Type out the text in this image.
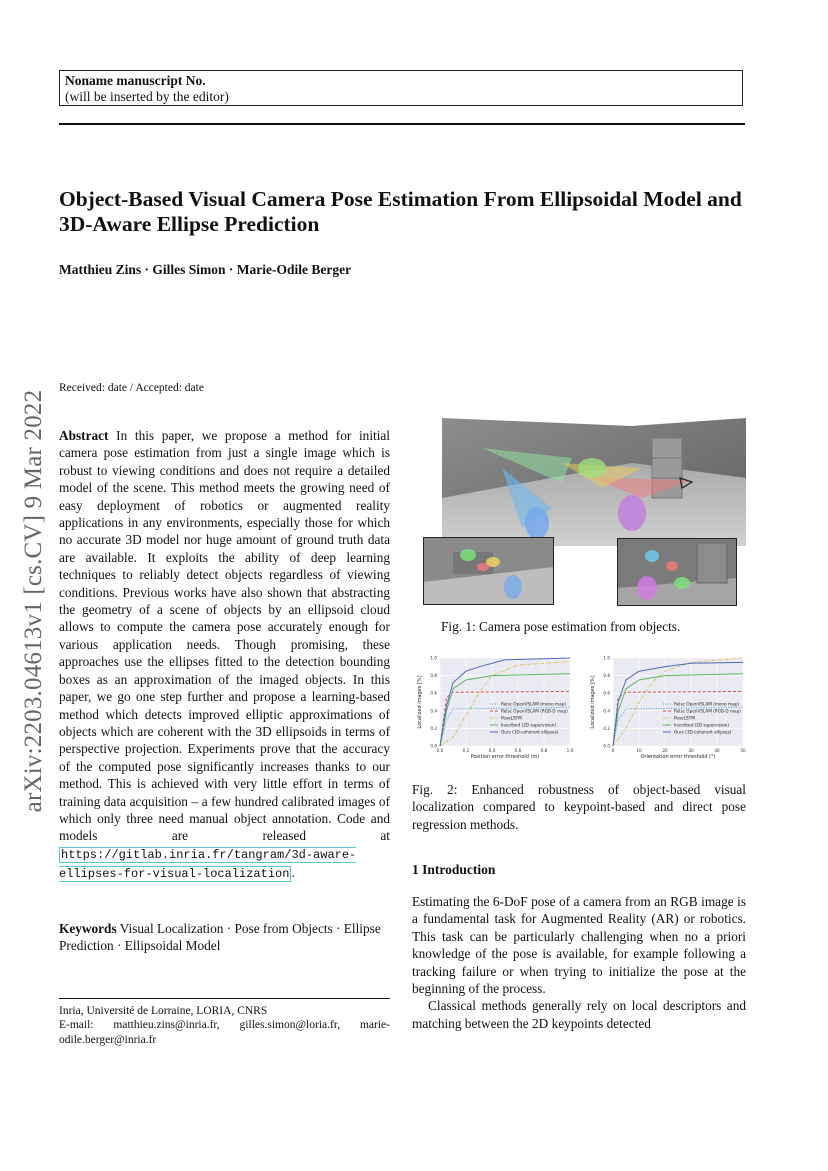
Noname manuscript No.
(will be inserted by the editor)
Object-Based Visual Camera Pose Estimation From Ellipsoidal Model and 3D-Aware Ellipse Prediction
Matthieu Zins · Gilles Simon · Marie-Odile Berger
arXiv:2203.04613v1 [cs.CV] 9 Mar 2022
Received: date / Accepted: date
Abstract In this paper, we propose a method for initial camera pose estimation from just a single image which is robust to viewing conditions and does not require a detailed model of the scene. This method meets the growing need of easy deployment of robotics or augmented reality applications in any environments, especially those for which no accurate 3D model nor huge amount of ground truth data are available. It exploits the ability of deep learning techniques to reliably detect objects regardless of viewing conditions. Previous works have also shown that abstracting the geometry of a scene of objects by an ellipsoid cloud allows to compute the camera pose accurately enough for various application needs. Though promising, these approaches use the ellipses fitted to the detection bounding boxes as an approximation of the imaged objects. In this paper, we go one step further and propose a learning-based method which detects improved elliptic approximations of objects which are coherent with the 3D ellipsoids in terms of perspective projection. Experiments prove that the accuracy of the computed pose significantly increases thanks to our method. This is achieved with very little effort in terms of training data acquisition – a few hundred calibrated images of which only three need manual object annotation. Code and models are released at https://gitlab.inria.fr/tangram/3d-aware-ellipses-for-visual-localization .
Keywords Visual Localization · Pose from Objects · Ellipse Prediction · Ellipsoidal Model
Inria, Université de Lorraine, LORIA, CNRS
E-mail: matthieu.zins@inria.fr, gilles.simon@loria.fr, marie-odile.berger@inria.fr
Fig. 1: Camera pose estimation from objects.
0.0	0.2	0.4	0.6	0.8	1.0
0.0
0.2
0.4
0.6
0.8
1.0
Position error threshold (m)
Localized images [%]	Relsc OpenVSLAM (mono map)
Relsc OpenVSLAM (RGB-D map)
PoseLSTM
Inscribed (2D supervision)
Ours (3D-coherent ellipses)
0	10	20	30	40	50
0.0
0.2
0.4
0.6
0.8
1.0
Orientation error threshold (°)
Localized images [%]	Relsc OpenVSLAM (mono map)
Relsc OpenVSLAM (RGB-D map)
PoseLSTM
Inscribed (2D supervision)
Ours (3D-coherent ellipses)
Fig. 2: Enhanced robustness of object-based visual localization compared to keypoint-based and direct pose regression methods.
1 Introduction

Estimating the 6-DoF pose of a camera from an RGB image is a fundamental task for Augmented Reality (AR) or robotics. This task can be particularly challenging when no a priori knowledge of the pose is available, for example following a tracking failure or when trying to initialize the pose at the beginning of the process.

Classical methods generally rely on local descriptors and matching between the 2D keypoints detected
